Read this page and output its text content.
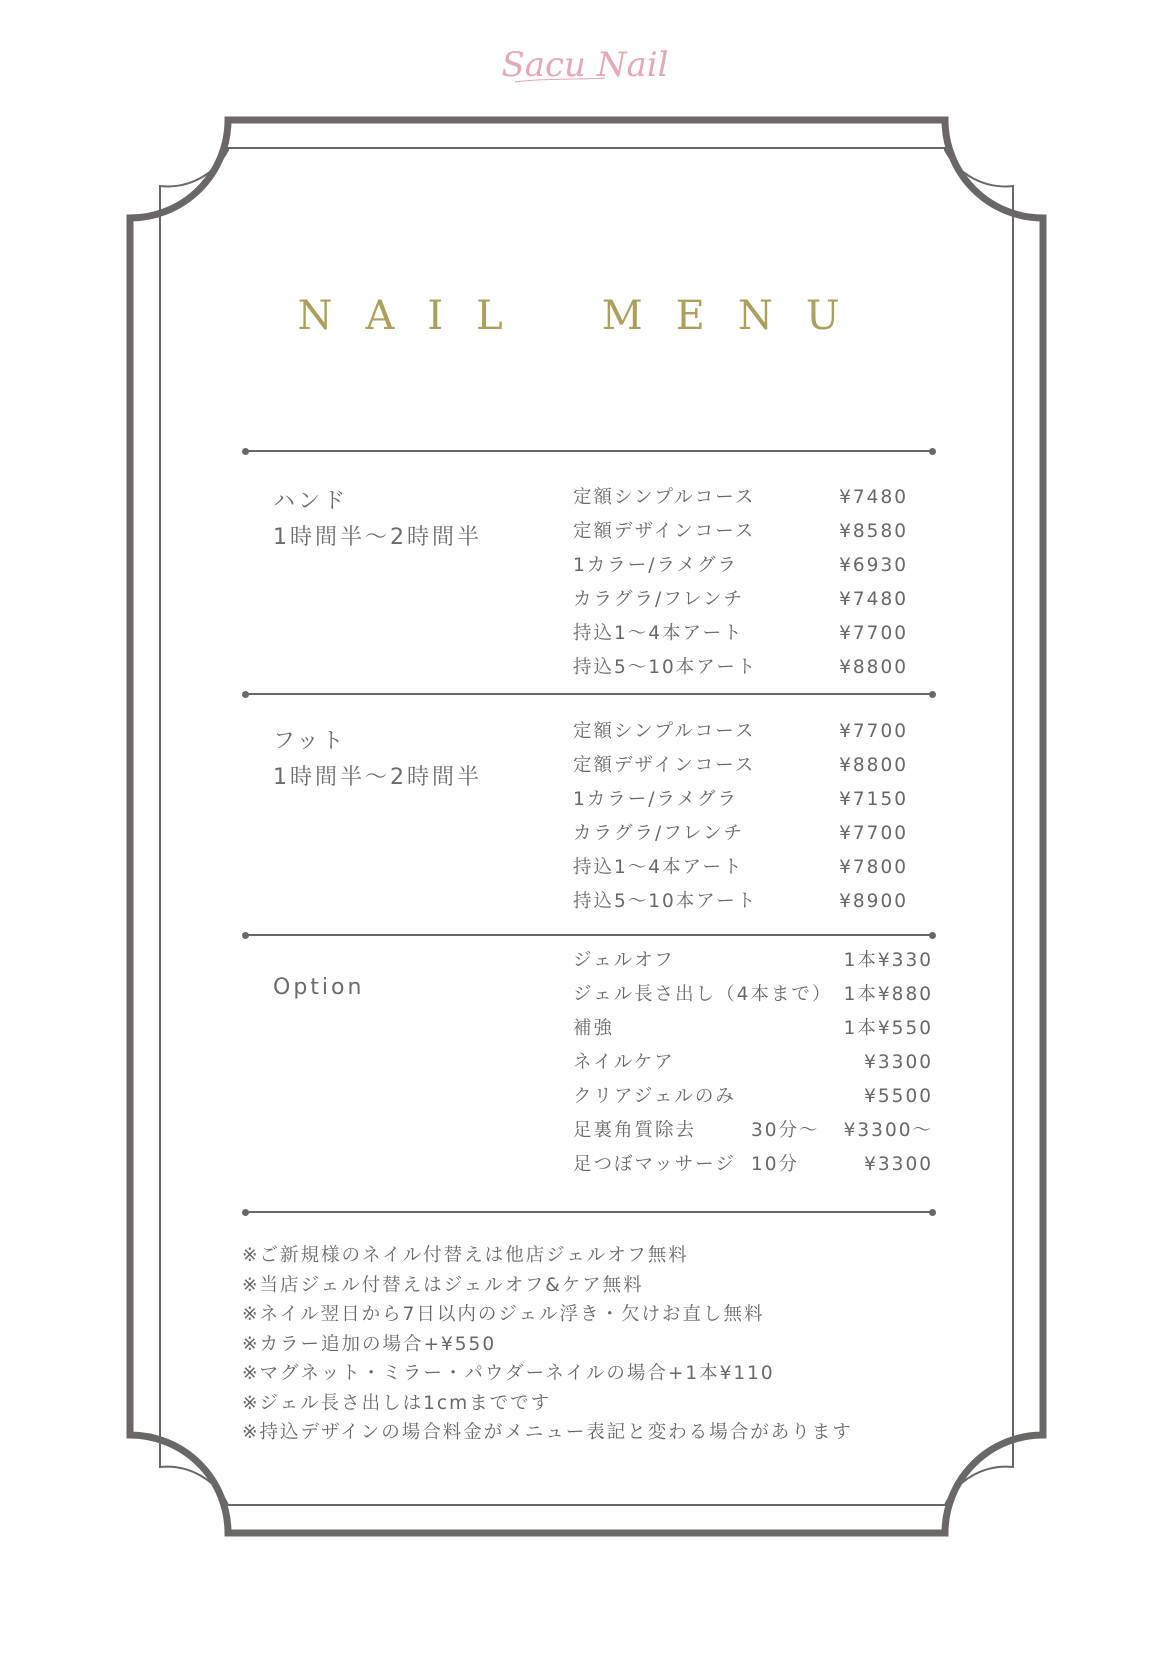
Sacu Nail
NAIL MENU
ハンド
1時間半〜2時間半
定額シンプルコース	¥7480
定額デザインコース	¥8580
1カラー/ラメグラ	¥6930
カラグラ/フレンチ	¥7480
持込1〜4本アート	¥7700
持込5〜10本アート	¥8800
フット
1時間半〜2時間半
定額シンプルコース	¥7700
定額デザインコース	¥8800
1カラー/ラメグラ	¥7150
カラグラ/フレンチ	¥7700
持込1〜4本アート	¥7800
持込5〜10本アート	¥8900
Option
ジェルオフ	1本¥330
ジェル長さ出し（4本まで） 1本¥880
補強	1本¥550
ネイルケア	¥3300
クリアジェルのみ	¥5500
足裏角質除去	30分〜 ¥3300〜
足つぼマッサージ 10分	¥3300
※ご新規様のネイル付替えは他店ジェルオフ無料
※当店ジェル付替えはジェルオフ&ケア無料
※ネイル翌日から7日以内のジェル浮き・欠けお直し無料
※カラー追加の場合+¥550
※マグネット・ミラー・パウダーネイルの場合+1本¥110
※ジェル長さ出しは1cmまでです
※持込デザインの場合料金がメニュー表記と変わる場合があります
